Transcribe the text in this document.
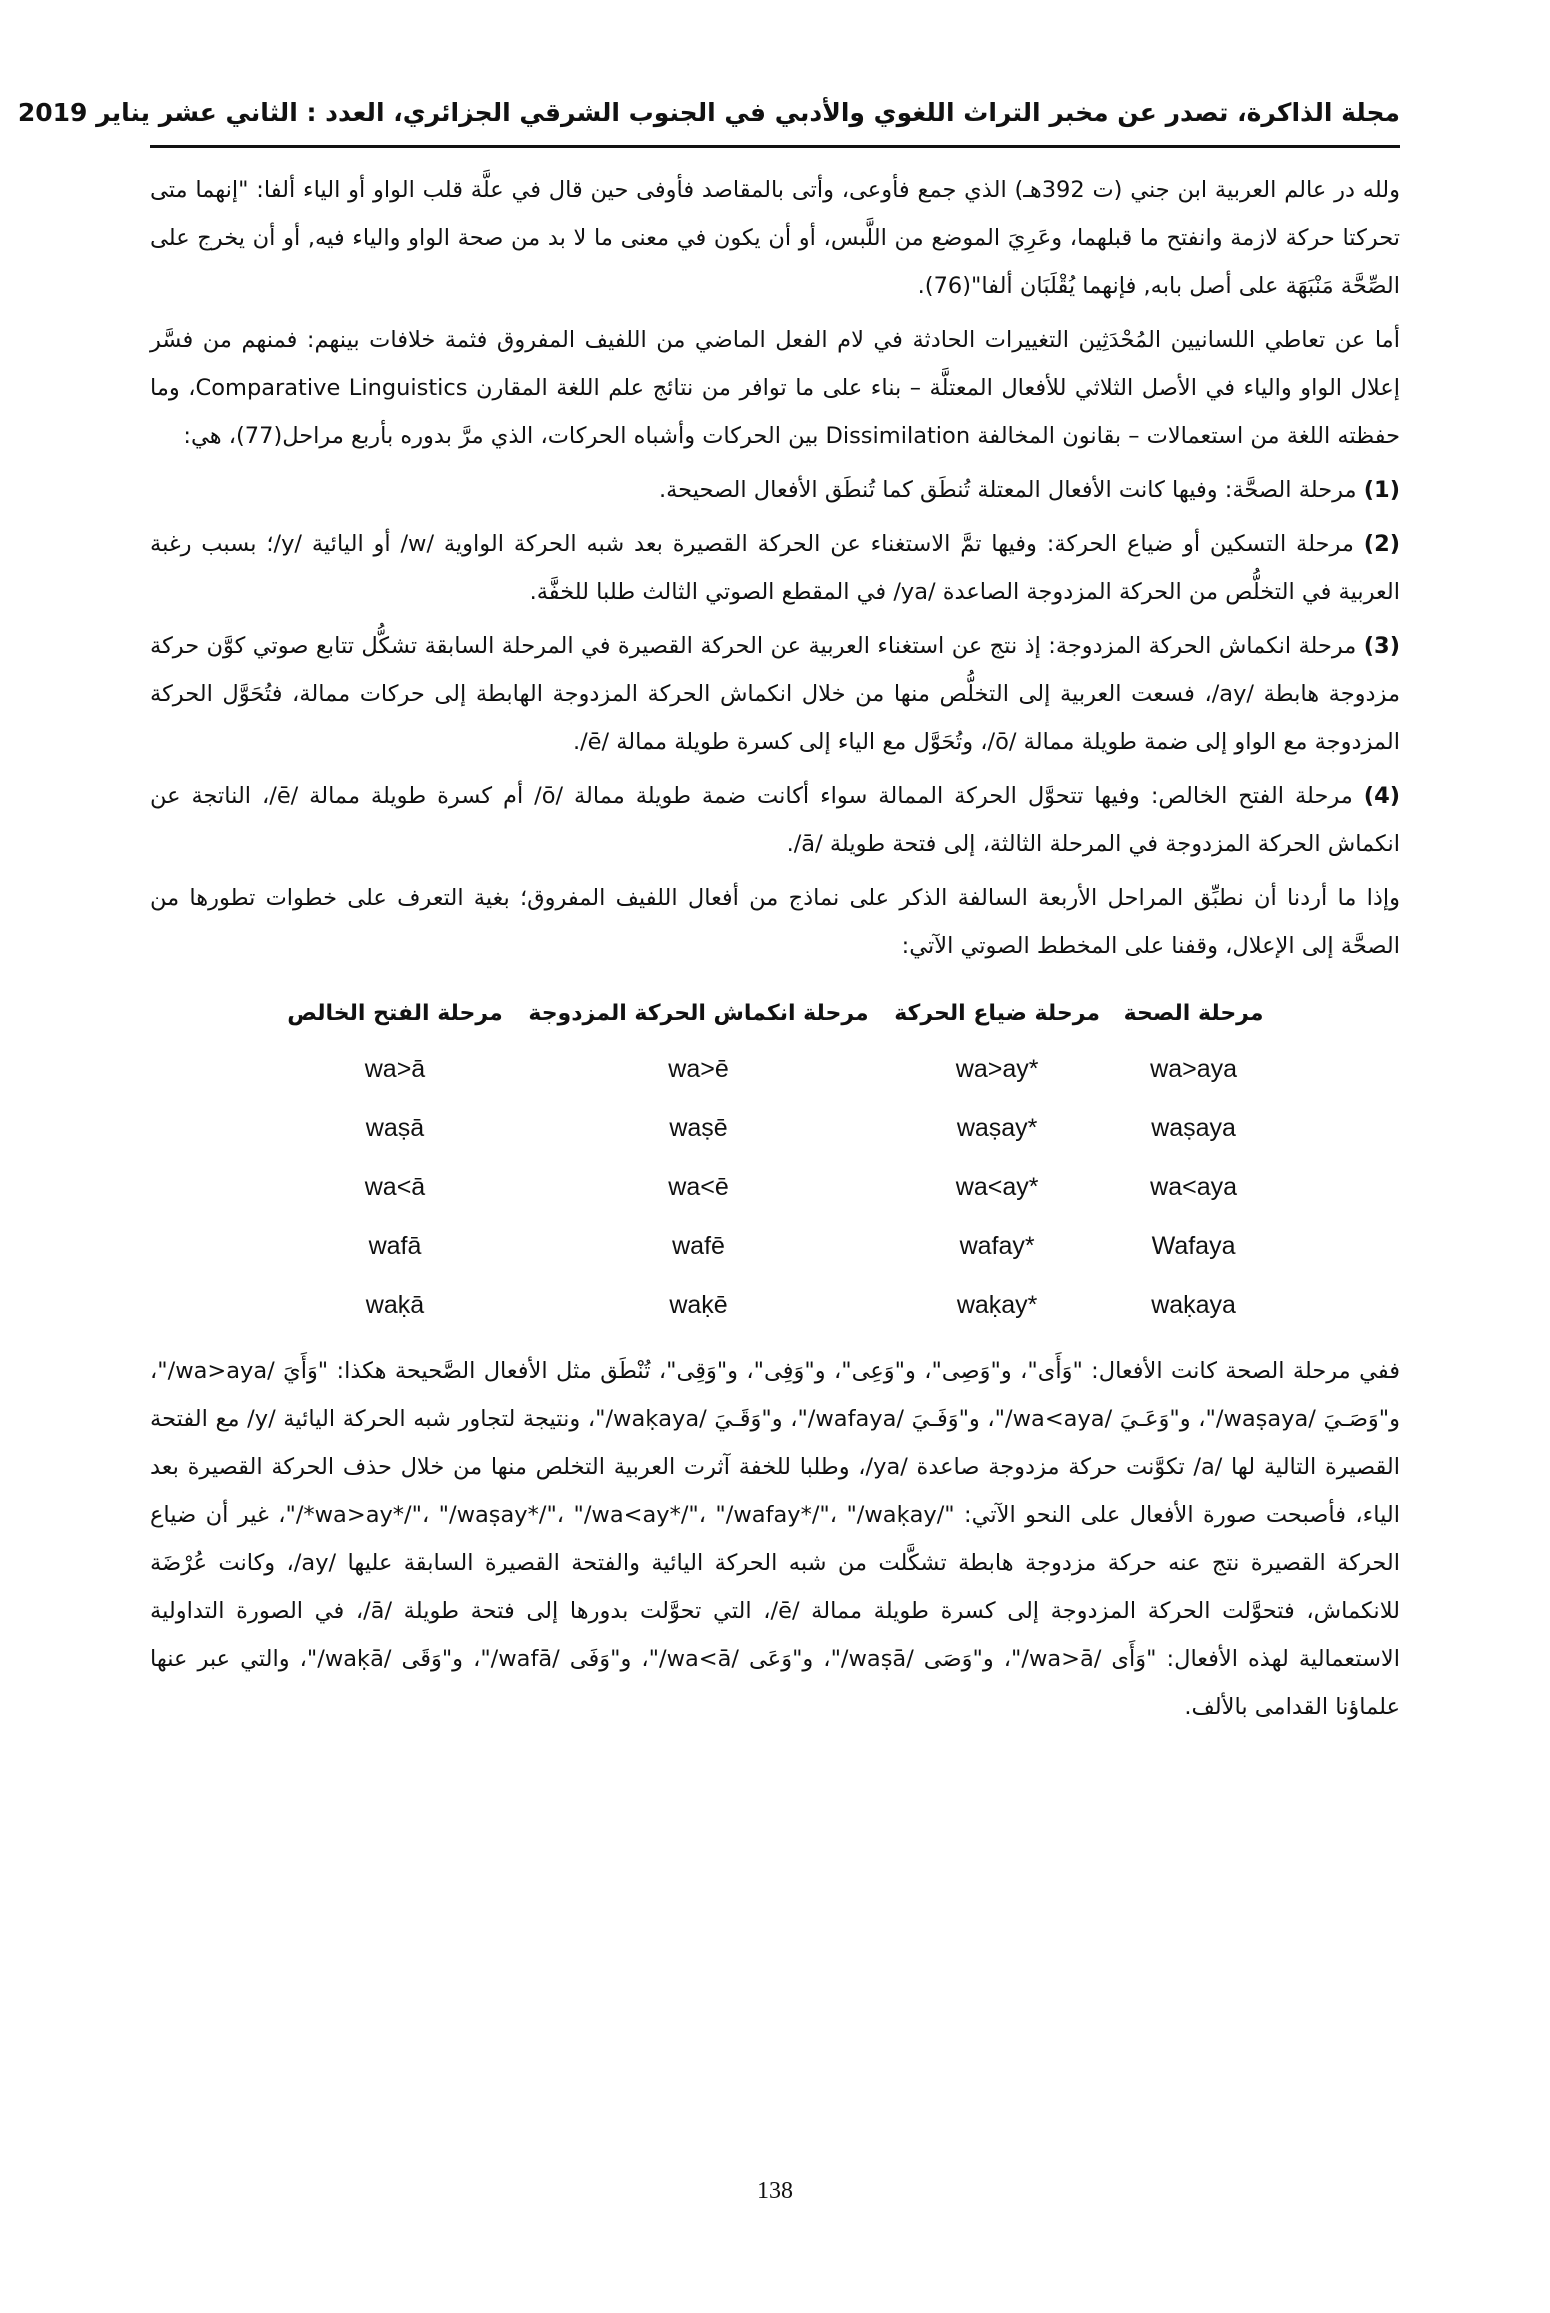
مجلة الذاكرة، تصدر عن مخبر التراث اللغوي والأدبي في الجنوب الشرقي الجزائري، العدد : الثاني عشر يناير 2019

ولله در عالم العربية ابن جني (ت 392هـ) الذي جمع فأوعى، وأتى بالمقاصد فأوفى حين قال في علَّة قلب الواو أو الياء ألفا: "إنهما متى تحركتا حركة لازمة وانفتح ما قبلهما، وعَرِيَ الموضع من اللَّبس، أو أن يكون في معنى ما لا بد من صحة الواو والياء فيه, أو أن يخرج على الصِّحَّة مَنْبَهَة على أصل بابه, فإنهما يُقْلَبَان ألفا"(76).

أما عن تعاطي اللسانيين المُحْدَثِين التغييرات الحادثة في لام الفعل الماضي من اللفيف المفروق فثمة خلافات بينهم: فمنهم من فسَّر إعلال الواو والياء في الأصل الثلاثي للأفعال المعتلَّة – بناء على ما توافر من نتائج علم اللغة المقارن Comparative Linguistics، وما حفظته اللغة من استعمالات – بقانون المخالفة Dissimilation بين الحركات وأشباه الحركات، الذي مرَّ بدوره بأربع مراحل(77)، هي:

(1) مرحلة الصحَّة: وفيها كانت الأفعال المعتلة تُنطَق كما تُنطَق الأفعال الصحيحة.

(2) مرحلة التسكين أو ضياع الحركة: وفيها تمَّ الاستغناء عن الحركة القصيرة بعد شبه الحركة الواوية /w/ أو اليائية /y/؛ بسبب رغبة العربية في التخلُّص من الحركة المزدوجة الصاعدة /ya/ في المقطع الصوتي الثالث طلبا للخفَّة.

(3) مرحلة انكماش الحركة المزدوجة: إذ نتج عن استغناء العربية عن الحركة القصيرة في المرحلة السابقة تشكُّل تتابع صوتي كوَّن حركة مزدوجة هابطة /ay/، فسعت العربية إلى التخلُّص منها من خلال انكماش الحركة المزدوجة الهابطة إلى حركات ممالة، فتُحَوَّل الحركة المزدوجة مع الواو إلى ضمة طويلة ممالة /ō/، وتُحَوَّل مع الياء إلى كسرة طويلة ممالة /ē/.

(4) مرحلة الفتح الخالص: وفيها تتحوَّل الحركة الممالة سواء أكانت ضمة طويلة ممالة /ō/ أم كسرة طويلة ممالة /ē/، الناتجة عن انكماش الحركة المزدوجة في المرحلة الثالثة، إلى فتحة طويلة /ā/.

وإذا ما أردنا أن نطبِّق المراحل الأربعة السالفة الذكر على نماذج من أفعال اللفيف المفروق؛ بغية التعرف على خطوات تطورها من الصحَّة إلى الإعلال، وقفنا على المخطط الصوتي الآتي:

مرحلة الصحة	مرحلة ضياع الحركة	مرحلة انكماش الحركة المزدوجة	مرحلة الفتح الخالص
wa>aya	wa>ay*	wa>ē	wa>ā
waṣaya	waṣay*	waṣē	waṣā
wa<aya	wa<ay*	wa<ē	wa<ā
Wafaya	wafay*	wafē	wafā
waḳaya	waḳay*	waḳē	waḳā

ففي مرحلة الصحة كانت الأفعال: "وَأَى"، و"وَصِى"، و"وَعِى"، و"وَفِى"، و"وَقِى"، تُنْطَق مثل الأفعال الصَّحيحة هكذا: "وَأَيَ /wa>aya/"، و"وَصَـيَ /waṣaya/"، و"وَعَـيَ /wa<aya/"، و"وَفَـيَ /wafaya/"، و"وَقَـيَ /waḳaya/"، ونتيجة لتجاور شبه الحركة اليائية /y/ مع الفتحة القصيرة التالية لها /a/ تكوَّنت حركة مزدوجة صاعدة /ya/، وطلبا للخفة آثرت العربية التخلص منها من خلال حذف الحركة القصيرة بعد الياء، فأصبحت صورة الأفعال على النحو الآتي: "/wa>ay*/"، "/waṣay*/"، "/wa<ay*/"، "/wafay*/"، "/waḳay*/"، غير أن ضياع الحركة القصيرة نتج عنه حركة مزدوجة هابطة تشكَّلت من شبه الحركة اليائية والفتحة القصيرة السابقة عليها /ay/، وكانت عُرْضَة للانكماش، فتحوَّلت الحركة المزدوجة إلى كسرة طويلة ممالة /ē/، التي تحوَّلت بدورها إلى فتحة طويلة /ā/، في الصورة التداولية الاستعمالية لهذه الأفعال: "وَأَى /wa>ā/"، و"وَصَى /waṣā/"، و"وَعَى /wa<ā/"، و"وَفَى /wafā/"، و"وَقَى /waḳā/"، والتي عبر عنها علماؤنا القدامى بالألف.

138
